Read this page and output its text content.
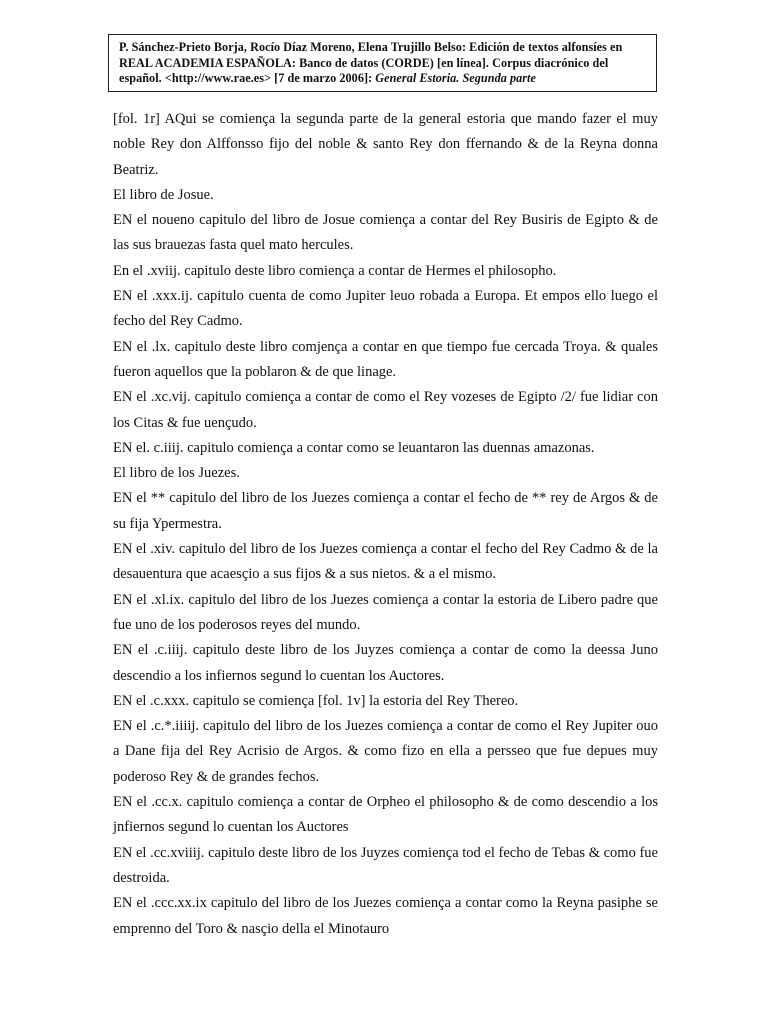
P. Sánchez-Prieto Borja, Rocío Díaz Moreno, Elena Trujillo Belso: Edición de textos alfonsíes en REAL ACADEMIA ESPAÑOLA: Banco de datos (CORDE) [en línea]. Corpus diacrónico del español. <http://www.rae.es> [7 de marzo 2006]: General Estoria. Segunda parte

[fol. 1r] AQui se comiença la segunda parte de la general estoria que mando fazer el muy noble Rey don Alffonsso fijo del noble & santo Rey don ffernando & de la Reyna donna Beatriz.

El libro de Josue.

EN el noueno capitulo del libro de Josue comiença a contar del Rey Busiris de Egipto & de las sus brauezas fasta quel mato hercules.

En el .xviij. capitulo deste libro comiença a contar de Hermes el philosopho.

EN el .xxx.ij. capitulo cuenta de como Jupiter leuo robada a Europa. Et empos ello luego el fecho del Rey Cadmo.

EN el .lx. capitulo deste libro comjença a contar en que tiempo fue cercada Troya. & quales fueron aquellos que la poblaron & de que linage.

EN el .xc.vij. capitulo comiença a contar de como el Rey vozeses de Egipto /2/ fue lidiar con los Citas & fue uençudo.

EN el. c.iiij. capitulo comiença a contar como se leuantaron las duennas amazonas.

El libro de los Juezes.

EN el ** capitulo del libro de los Juezes comiença a contar el fecho de ** rey de Argos & de su fija Ypermestra.

EN el .xiv. capitulo del libro de los Juezes comiença a contar el fecho del Rey Cadmo & de la desauentura que acaesçio a sus fijos & a sus nietos. & a el mismo.

EN el .xl.ix. capitulo del libro de los Juezes comiença a contar la estoria de Libero padre que fue uno de los poderosos reyes del mundo.

EN el .c.iiij. capitulo deste libro de los Juyzes comiença a contar de como la deessa Juno descendio a los infiernos segund lo cuentan los Auctores.

EN el .c.xxx. capitulo se comiença [fol. 1v] la estoria del Rey Thereo.

EN el .c.*.iiiij. capitulo del libro de los Juezes comiença a contar de como el Rey Jupiter ouo a Dane fija del Rey Acrisio de Argos. & como fizo en ella a persseo que fue depues muy poderoso Rey & de grandes fechos.

EN el .cc.x. capitulo comiença a contar de Orpheo el philosopho & de como descendio a los jnfiernos segund lo cuentan los Auctores

EN el .cc.xviiij. capitulo deste libro de los Juyzes comiença tod el fecho de Tebas & como fue destroida.

EN el .ccc.xx.ix capitulo del libro de los Juezes comiença a contar como la Reyna pasiphe se emprenno del Toro & nasçio della el Minotauro
